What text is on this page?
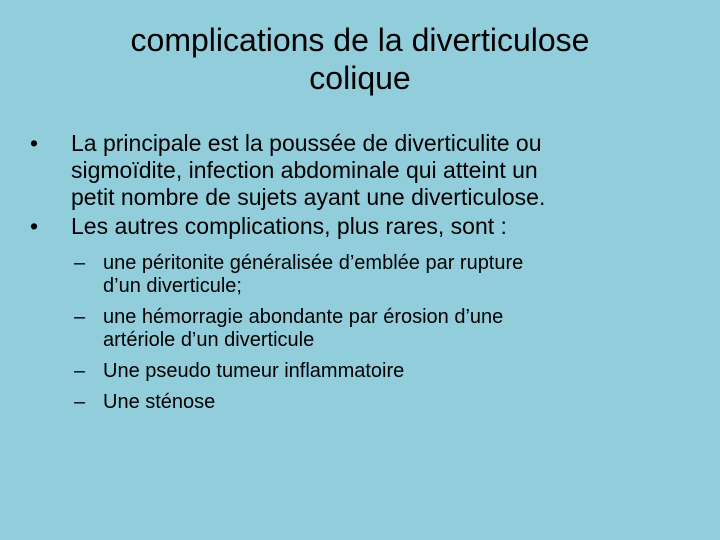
complications de la diverticulose
colique
•	La principale est la poussée de diverticulite ou
sigmoïdite, infection abdominale qui atteint un
petit nombre de sujets ayant une diverticulose.
•	Les autres complications, plus rares, sont :
– une péritonite généralisée d’emblée par rupture
d’un diverticule;
– une hémorragie abondante par érosion d’une
artériole d’un diverticule
– Une pseudo tumeur inflammatoire
– Une sténose
